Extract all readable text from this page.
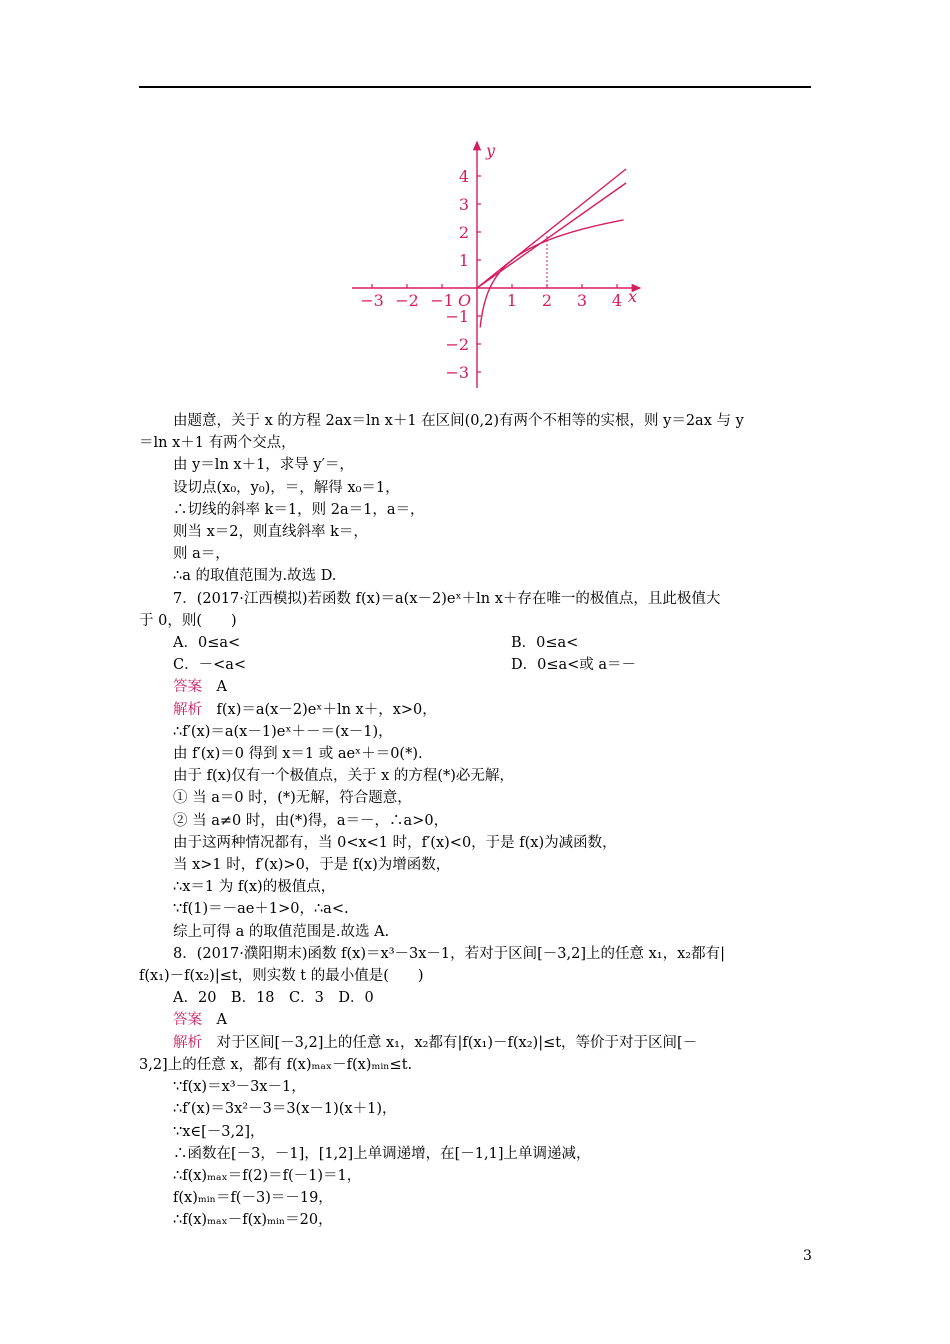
−3 −2 −1	1 2 3 4
4
3
2
1
−1
−2
−3
x
y
O
由题意，关于 x 的方程 2ax＝ln x＋1 在区间(0,2)有两个不相等的实根，则 y＝2ax 与 y
＝ln x＋1 有两个交点，
由 y＝ln x＋1，求导 y′＝，
设切点(x₀，y₀)，＝，解得 x₀＝1，
∴切线的斜率 k＝1，则 2a＝1，a＝，
则当 x＝2，则直线斜率 k＝，
则 a＝，
∴a 的取值范围为.故选 D.
7．(2017·江西模拟)若函数 f(x)＝a(x－2)eˣ＋ln x＋存在唯一的极值点，且此极值大
于 0，则(　　)
A．0≤a<	B．0≤a<
C．－<a<	D．0≤a<或 a＝－
答案　 A
解析　 f(x)＝a(x－2)eˣ＋ln x＋，x>0，
∴f′(x)＝a(x－1)eˣ＋－＝(x－1)，
由 f′(x)＝0 得到 x＝1 或 aeˣ＋＝0(*).
由于 f(x)仅有一个极值点，关于 x 的方程(*)必无解，
① 当 a＝0 时，(*)无解，符合题意，
② 当 a≠0 时，由(*)得，a＝－，∴a>0，
由于这两种情况都有，当 0<x<1 时，f′(x)<0，于是 f(x)为减函数，
当 x>1 时，f′(x)>0，于是 f(x)为增函数，
∴x＝1 为 f(x)的极值点，
∵f(1)＝－ae＋1>0，∴a<.
综上可得 a 的取值范围是.故选 A.
8．(2017·濮阳期末)函数 f(x)＝x³－3x－1，若对于区间[－3,2]上的任意 x₁，x₂都有|
f(x₁)－f(x₂)|≤t，则实数 t 的最小值是(　　)
A．20　B．18　C．3　D．0
答案　 A
解析　 对于区间[－3,2]上的任意 x₁，x₂都有|f(x₁)－f(x₂)|≤t，等价于对于区间[－
3,2]上的任意 x，都有 f(x)ₘₐₓ－f(x)ₘᵢₙ≤t.
∵f(x)＝x³－3x－1，
∴f′(x)＝3x²－3＝3(x－1)(x＋1)，
∵x∈[－3,2]，
∴函数在[－3，－1]，[1,2]上单调递增，在[－1,1]上单调递减，
∴f(x)ₘₐₓ＝f(2)＝f(－1)＝1，
f(x)ₘᵢₙ＝f(－3)＝－19，
∴f(x)ₘₐₓ－f(x)ₘᵢₙ＝20，
3
